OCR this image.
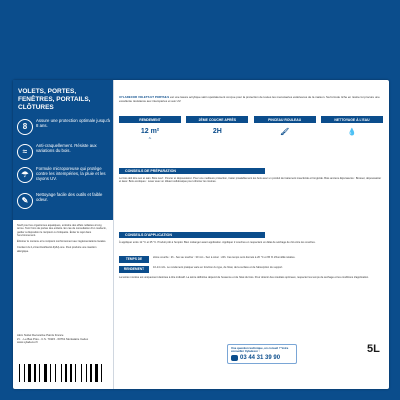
VOLETS, PORTES, FENÊTRES, PORTAILS, CLÔTURES
8
Assure une protection optimale jusqu'à 8 ans.
≈
Anti-craquellement. Résiste aux variations du bois.
☂
Formule microporeuse qui protège contre les intempéries, la pluie et les rayons UV.
✎
Nettoyage facile des outils et faible odeur.
Nocif pour les organismes aquatiques, entraîne des effets néfastes à long terme. Tenir hors de portée des enfants. En cas de consultation d'un médecin, garder à disposition le récipient ou l'étiquette. Éviter le rejet dans l'environnement.
Éliminer le contenu et le récipient conformément aux réglementations locales.
Contient du 1,2-benzisothiazol-3(2H)-one. Peut produire une réaction allergique.
Akzo Nobel Decorative Paints France
Z.I. - Le Bas Prés - C.S. 70115 - 60761 Montataire Cedex
www.xyladecor.fr
XYLADECOR VOLETS ET PORTAILS est une lasure acrylique satin spécialement conçue pour la protection de toutes les menuiseries extérieures de la maison. Sa formule riche en résine lui procure une excellente résistance aux intempéries et aux UV.
RENDEMENT
12 m²
/L
2ÈME COUCHE APRÈS
2H
PINCEAU ROULEAU
🖌
NETTOYAGE À L'EAU
💧
CONSEILS DE PRÉPARATION
Le bois doit être sec et sain. Bois neuf : Poncer et dépoussiérer. Pour une meilleure protection, traiter préalablement les bois avec un produit de traitement insecticide et fongicide. Bois anciens déjà lasurés : Brosser, dépoussiérer et laver. Bois exotiques : Laver avec un diluant cellulosique pour éliminer les résines.
CONSEILS D'APPLICATION
À appliquer entre 12 °C et 25 °C. Produit prêt à l'emploi. Bien mélanger avant application. Appliquer 2 couches en respectant un délai de séchage de 2H entre les couches.
TEMPS DE	2ème couche : 2h - Sec au toucher : 30 min - Sec à cœur : 24h. Ces temps sont donnés à 20 °C et 65 % d'humidité relative.
RENDEMENT	10-14 m²/L. Le rendement pratique varie en fonction du type, de l'état, de la surface et de l'absorption du support.
La teinte montrée est uniquement destinée à titre indicatif. La teinte définitive dépend de l'essence et de l'état du bois. Pour obtenir des résultats optimaux, respecter les temps de séchage et les conditions d'application.
Une question technique, un conseil ? Votre conseiller Xyladecor :
03 44 31 39 90
5L
